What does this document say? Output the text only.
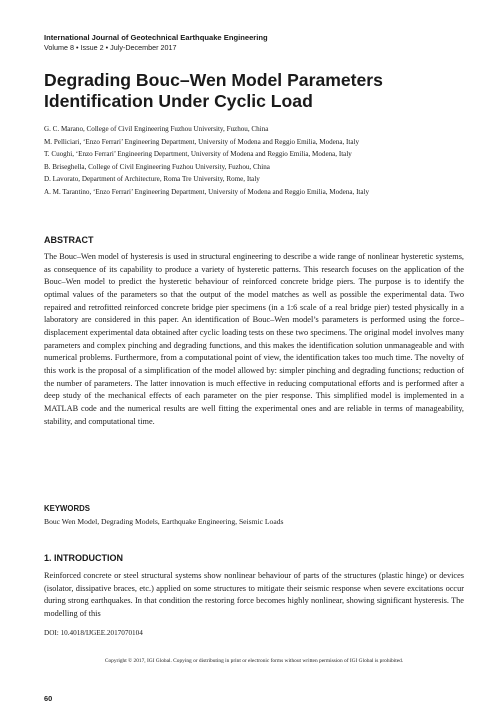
International Journal of Geotechnical Earthquake Engineering
Volume 8 • Issue 2 • July-December 2017
Degrading Bouc–Wen Model Parameters Identification Under Cyclic Load
G. C. Marano, College of Civil Engineering Fuzhou University, Fuzhou, China
M. Pelliciari, ‘Enzo Ferrari’ Engineering Department, University of Modena and Reggio Emilia, Modena, Italy
T. Cuoghi, ‘Enzo Ferrari’ Engineering Department, University of Modena and Reggio Emilia, Modena, Italy
B. Briseghella, College of Civil Engineering Fuzhou University, Fuzhou, China
D. Lavorato, Department of Architecture, Roma Tre University, Rome, Italy
A. M. Tarantino, ‘Enzo Ferrari’ Engineering Department, University of Modena and Reggio Emilia, Modena, Italy
ABSTRACT

The Bouc–Wen model of hysteresis is used in structural engineering to describe a wide range of nonlinear hysteretic systems, as consequence of its capability to produce a variety of hysteretic patterns. This research focuses on the application of the Bouc–Wen model to predict the hysteretic behaviour of reinforced concrete bridge piers. The purpose is to identify the optimal values of the parameters so that the output of the model matches as well as possible the experimental data. Two repaired and retrofitted reinforced concrete bridge pier specimens (in a 1:6 scale of a real bridge pier) tested physically in a laboratory are considered in this paper. An identification of Bouc–Wen model’s parameters is performed using the force–displacement experimental data obtained after cyclic loading tests on these two specimens. The original model involves many parameters and complex pinching and degrading functions, and this makes the identification solution unmanageable and with numerical problems. Furthermore, from a computational point of view, the identification takes too much time. The novelty of this work is the proposal of a simplification of the model allowed by: simpler pinching and degrading functions; reduction of the number of parameters. The latter innovation is much effective in reducing computational efforts and is performed after a deep study of the mechanical effects of each parameter on the pier response. This simplified model is implemented in a MATLAB code and the numerical results are well fitting the experimental ones and are reliable in terms of manageability, stability, and computational time.

KEYWORDS

Bouc Wen Model, Degrading Models, Earthquake Engineering, Seismic Loads

1. INTRODUCTION

Reinforced concrete or steel structural systems show nonlinear behaviour of parts of the structures (plastic hinge) or devices (isolator, dissipative braces, etc.) applied on some structures to mitigate their seismic response when severe excitations occur during strong earthquakes. In that condition the restoring force becomes highly nonlinear, showing significant hysteresis. The modelling of this

DOI: 10.4018/IJGEE.2017070104
Copyright © 2017, IGI Global. Copying or distributing in print or electronic forms without written permission of IGI Global is prohibited.
60
